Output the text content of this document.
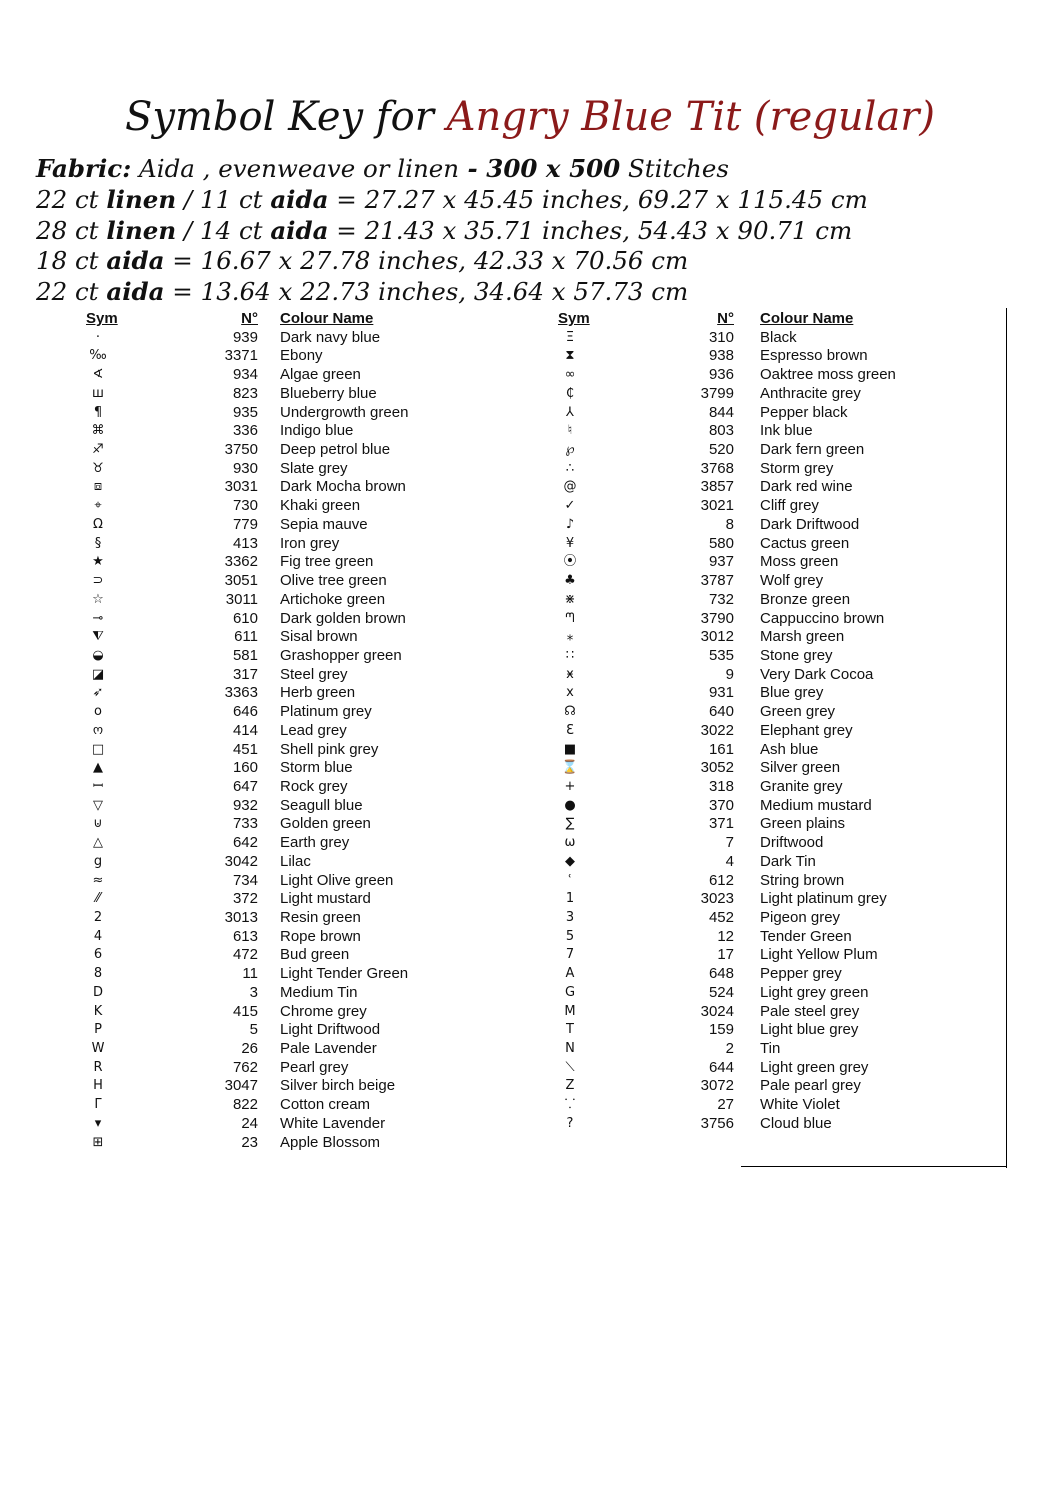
Symbol Key for Angry Blue Tit (regular)
Fabric: Aida , evenweave or linen - 300 x 500 Stitches
22 ct linen / 11 ct aida = 27.27 x 45.45 inches, 69.27 x 115.45 cm
28 ct linen / 14 ct aida = 21.43 x 35.71 inches, 54.43 x 90.71 cm
18 ct aida = 16.67 x 27.78 inches, 42.33 x 70.56 cm
22 ct aida = 13.64 x 22.73 inches, 34.64 x 57.73 cm
Sym	N° Colour Name
·	939 Dark navy blue
‰	3371 Ebony
∢	934 Algae green
ш	823 Blueberry blue
¶	935 Undergrowth green
⌘	336 Indigo blue
♐	3750 Deep petrol blue
♉	930 Slate grey
⧈	3031 Dark Mocha brown
⌖	730 Khaki green
Ω	779 Sepia mauve
§	413 Iron grey
★	3362 Fig tree green
⊃	3051 Olive tree green
☆	3011 Artichoke green
⊸	610 Dark golden brown
⧨	611 Sisal brown
◒	581 Grashopper green
◪	317 Steel grey
➶	3363 Herb green
o	646 Platinum grey
ო	414 Lead grey
□	451 Shell pink grey
▲	160 Storm blue
ꟷ	647 Rock grey
▽	932 Seagull blue
⊍	733 Golden green
△	642 Earth grey
g	3042 Lilac
≈	734 Light Olive green
⁄⁄	372 Light mustard
2	3013 Resin green
4	613 Rope brown
6	472 Bud green
8	11 Light Tender Green
D	3 Medium Tin
K	415 Chrome grey
P	5 Light Driftwood
W	26 Pale Lavender
R	762 Pearl grey
H	3047 Silver birch beige
Γ	822 Cotton cream
▾	24 White Lavender
⊞	23 Apple Blossom
Sym	N° Colour Name
Ξ	310 Black
⧗	938 Espresso brown
∞	936 Oaktree moss green
₵	3799 Anthracite grey
⅄	844 Pepper black
♮	803 Ink blue
℘	520 Dark fern green
∴	3768 Storm grey
@	3857 Dark red wine
✓	3021 Cliff grey
♪	8 Dark Driftwood
¥	580 Cactus green
⦿	937 Moss green
♣	3787 Wolf grey
⋇	732 Bronze green
ᘉ	3790 Cappuccino brown
⁎	3012 Marsh green
∷	535 Stone grey
ӿ	9 Very Dark Cocoa
x	931 Blue grey
☊	640 Green grey
Ɛ	3022 Elephant grey
■	161 Ash blue
⌛	3052 Silver green
+	318 Granite grey
●	370 Medium mustard
∑	371 Green plains
ω	7 Driftwood
◆	4 Dark Tin
ʿ	612 String brown
1	3023 Light platinum grey
3	452 Pigeon grey
5	12 Tender Green
7	17 Light Yellow Plum
A	648 Pepper grey
G	524 Light grey green
M	3024 Pale steel grey
T	159 Light blue grey
N	2 Tin
⟍	644 Light green grey
Z	3072 Pale pearl grey
⸪	27 White Violet
?	3756 Cloud blue
